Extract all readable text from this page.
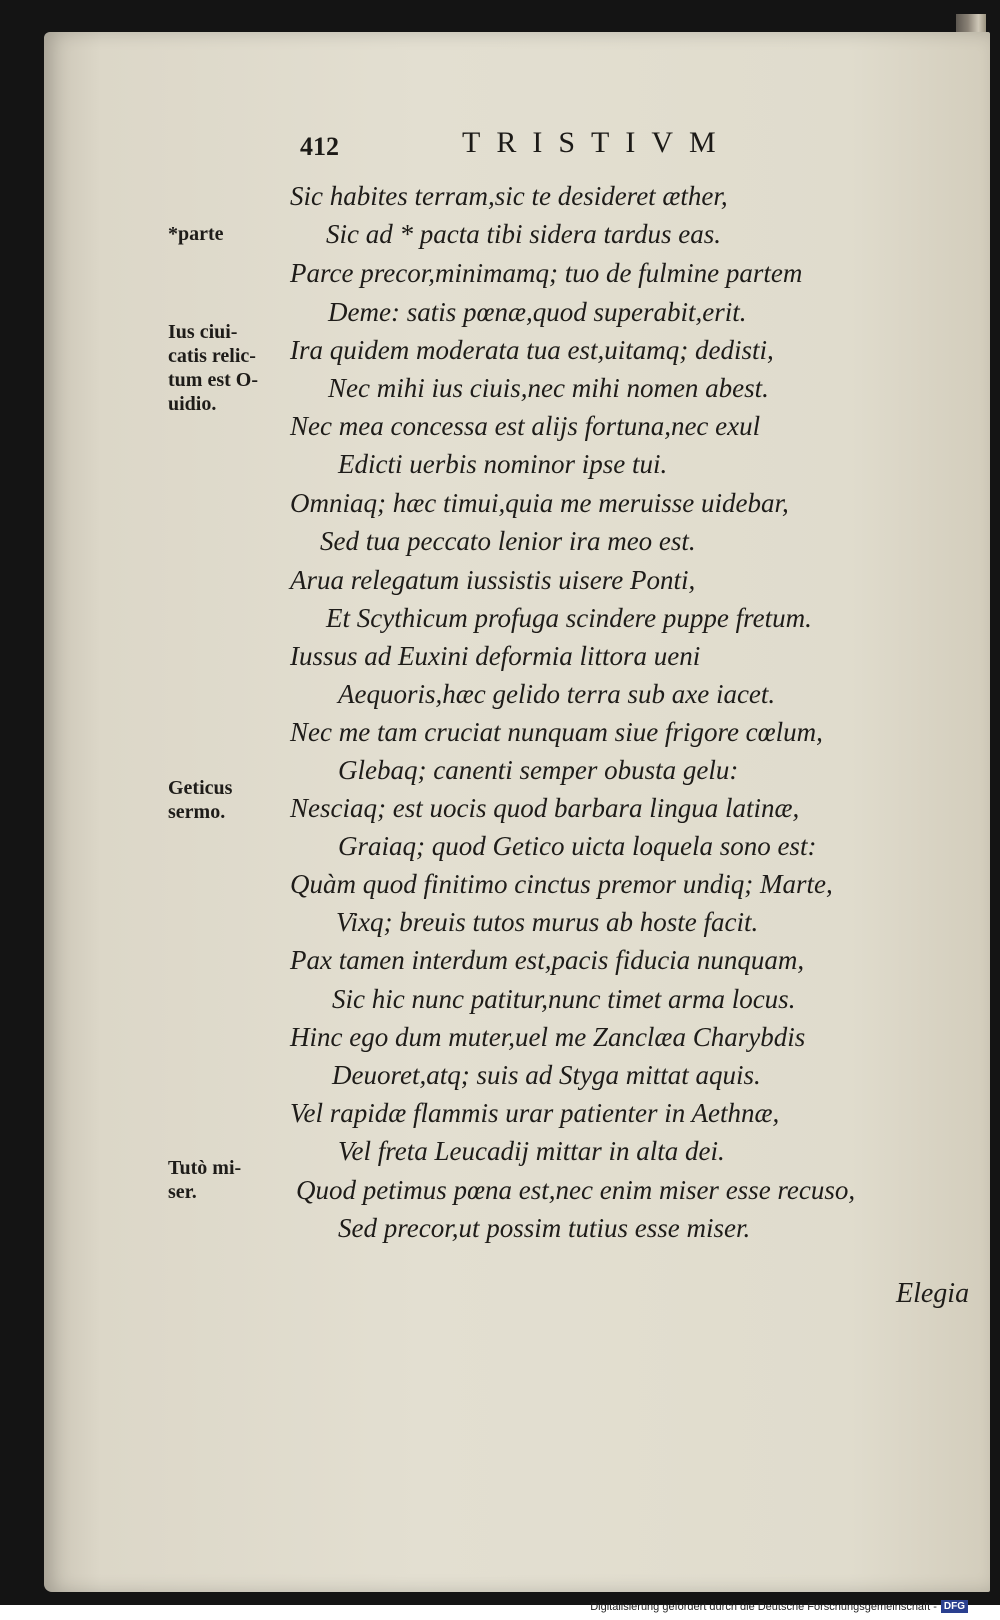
412	TRISTIVM
Sic habites terram,sic te desideret æther,
Sic ad * pacta tibi sidera tardus eas.
Parce precor,minimamq; tuo de fulmine partem
Deme: satis pœnæ,quod superabit,erit.
Ira quidem moderata tua est,uitamq; dedisti,
Nec mihi ius ciuis,nec mihi nomen abest.
Nec mea concessa est alijs fortuna,nec exul
Edicti uerbis nominor ipse tui.
Omniaq; hæc timui,quia me meruisse uidebar,
Sed tua peccato lenior ira meo est.
Arua relegatum iussistis uisere Ponti,
Et Scythicum profuga scindere puppe fretum.
Iussus ad Euxini deformia littora ueni
Aequoris,hæc gelido terra sub axe iacet.
Nec me tam cruciat nunquam siue frigore cœlum,
Glebaq; canenti semper obusta gelu:
Nesciaq; est uocis quod barbara lingua latinæ,
Graiaq; quod Getico uicta loquela sono est:
Quàm quod finitimo cinctus premor undiq; Marte,
Vixq; breuis tutos murus ab hoste facit.
Pax tamen interdum est,pacis fiducia nunquam,
Sic hic nunc patitur,nunc timet arma locus.
Hinc ego dum muter,uel me Zanclæa Charybdis
Deuoret,atq; suis ad Styga mittat aquis.
Vel rapidæ flammis urar patienter in Aethnæ,
Vel freta Leucadij mittar in alta dei.
Quod petimus pœna est,nec enim miser esse recuso,
Sed precor,ut possim tutius esse miser.
*parte
Ius ciui-
catis relic-
tum est O-
uidio.
Geticus
sermo.
Tutò mi-
ser.
Elegia
Digitalisierung gefördert durch die Deutsche Forschungsgemeinschaft - DFG
